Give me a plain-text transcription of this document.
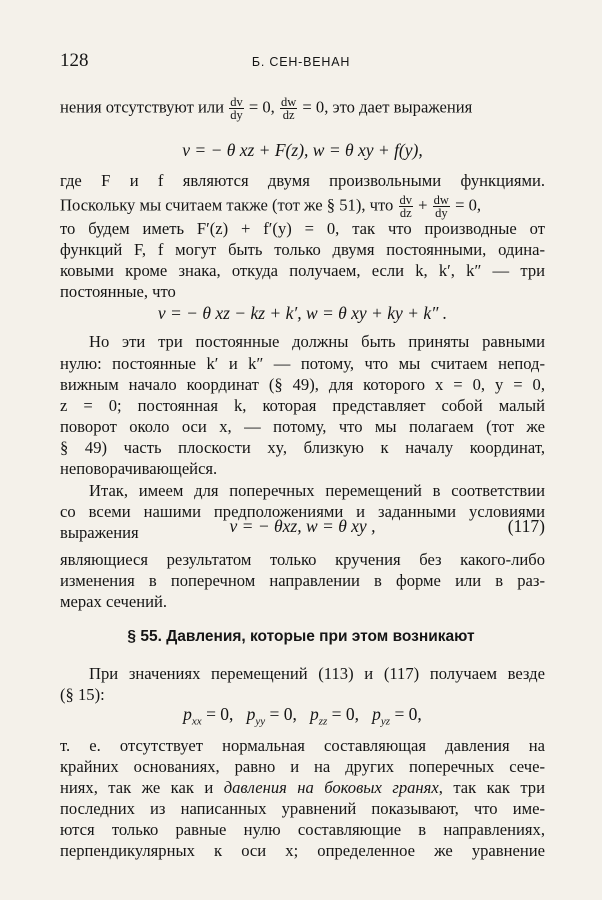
128	Б. СЕН-ВЕНАН
нения отсутствуют или $\frac{dv}{dy} = 0$, $\frac{dw}{dz} = 0$, это дает выражения
v = − θ xz + F(z), w = θ xy + f(y),
где F и f являются двумя произвольными функциями.
Поскольку мы считаем также (тот же § 51), что $\frac{dv}{dz} + \frac{dw}{dy} = 0$,
то будем иметь F′(z) + f′(y) = 0, так что производные от
функций F, f могут быть только двумя постоянными, одина-
ковыми кроме знака, откуда получаем, если k, k′, k″ — три
постоянные, что
v = − θ xz − kz + k′, w = θ xy + ky + k″ .
Но эти три постоянные должны быть приняты равными
нулю: постоянные k′ и k″ — потому, что мы считаем непод-
вижным начало координат (§ 49), для которого x = 0, y = 0,
z = 0; постоянная k, которая представляет собой малый
поворот около оси x, — потому, что мы полагаем (тот же
§ 49) часть плоскости xy, близкую к началу координат,
неповорачивающейся.
Итак, имеем для поперечных перемещений в соответствии
со всеми нашими предположениями и заданными условиями
выражения	v = − θxz, w = θ xy ,	(117)
являющиеся результатом только кручения без какого-либо
изменения в поперечном направлении в форме или в раз-
мерах сечений.
§ 55. Давления, которые при этом возникают
При значениях перемещений (113) и (117) получаем везде
(§ 15):
$p_{xx} = 0$, $p_{yy} = 0$, $p_{zz} = 0$, $p_{yz} = 0$,
т. е. отсутствует нормальная составляющая давления на
крайних основаниях, равно и на других поперечных сече-
ниях, так же как и давления на боковых гранях, так как три
последних из написанных уравнений показывают, что име-
ются только равные нулю составляющие в направлениях,
перпендикулярных к оси x; определенное же уравнение
